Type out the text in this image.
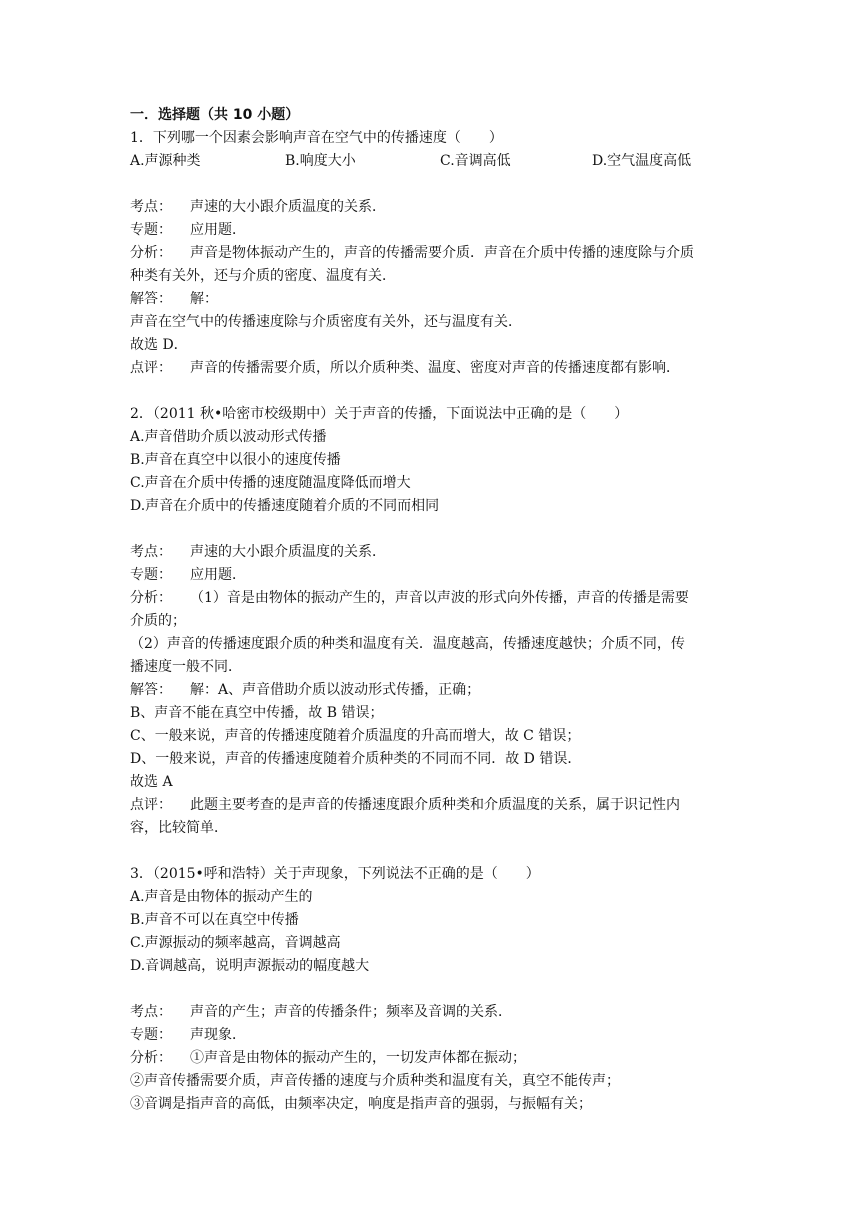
一．选择题（共 10 小题）
1．下列哪一个因素会影响声音在空气中的传播速度（　　）
A.声源种类	B.响度大小	C.音调高低	D.空气温度高低
考点： 声速的大小跟介质温度的关系．
专题： 应用题．
分析： 声音是物体振动产生的，声音的传播需要介质．声音在介质中传播的速度除与介质
种类有关外，还与介质的密度、温度有关．
解答： 解：
声音在空气中的传播速度除与介质密度有关外，还与温度有关．
故选 D．
点评： 声音的传播需要介质，所以介质种类、温度、密度对声音的传播速度都有影响．
2．（2011 秋•哈密市校级期中）关于声音的传播，下面说法中正确的是（　　）
A.声音借助介质以波动形式传播
B.声音在真空中以很小的速度传播
C.声音在介质中传播的速度随温度降低而增大
D.声音在介质中的传播速度随着介质的不同而相同
考点： 声速的大小跟介质温度的关系．
专题： 应用题．
分析： （1）音是由物体的振动产生的，声音以声波的形式向外传播，声音的传播是需要
介质的；
（2）声音的传播速度跟介质的种类和温度有关．温度越高，传播速度越快；介质不同，传
播速度一般不同．
解答： 解：A、声音借助介质以波动形式传播，正确；
B、声音不能在真空中传播，故 B 错误；
C、一般来说，声音的传播速度随着介质温度的升高而增大，故 C 错误；
D、一般来说，声音的传播速度随着介质种类的不同而不同．故 D 错误．
故选 A
点评： 此题主要考查的是声音的传播速度跟介质种类和介质温度的关系，属于识记性内
容，比较简单．
3．（2015•呼和浩特）关于声现象，下列说法不正确的是（　　）
A.声音是由物体的振动产生的
B.声音不可以在真空中传播
C.声源振动的频率越高，音调越高
D.音调越高，说明声源振动的幅度越大
考点： 声音的产生；声音的传播条件；频率及音调的关系．
专题： 声现象．
分析： ①声音是由物体的振动产生的，一切发声体都在振动；
②声音传播需要介质，声音传播的速度与介质种类和温度有关，真空不能传声；
③音调是指声音的高低，由频率决定，响度是指声音的强弱，与振幅有关；
